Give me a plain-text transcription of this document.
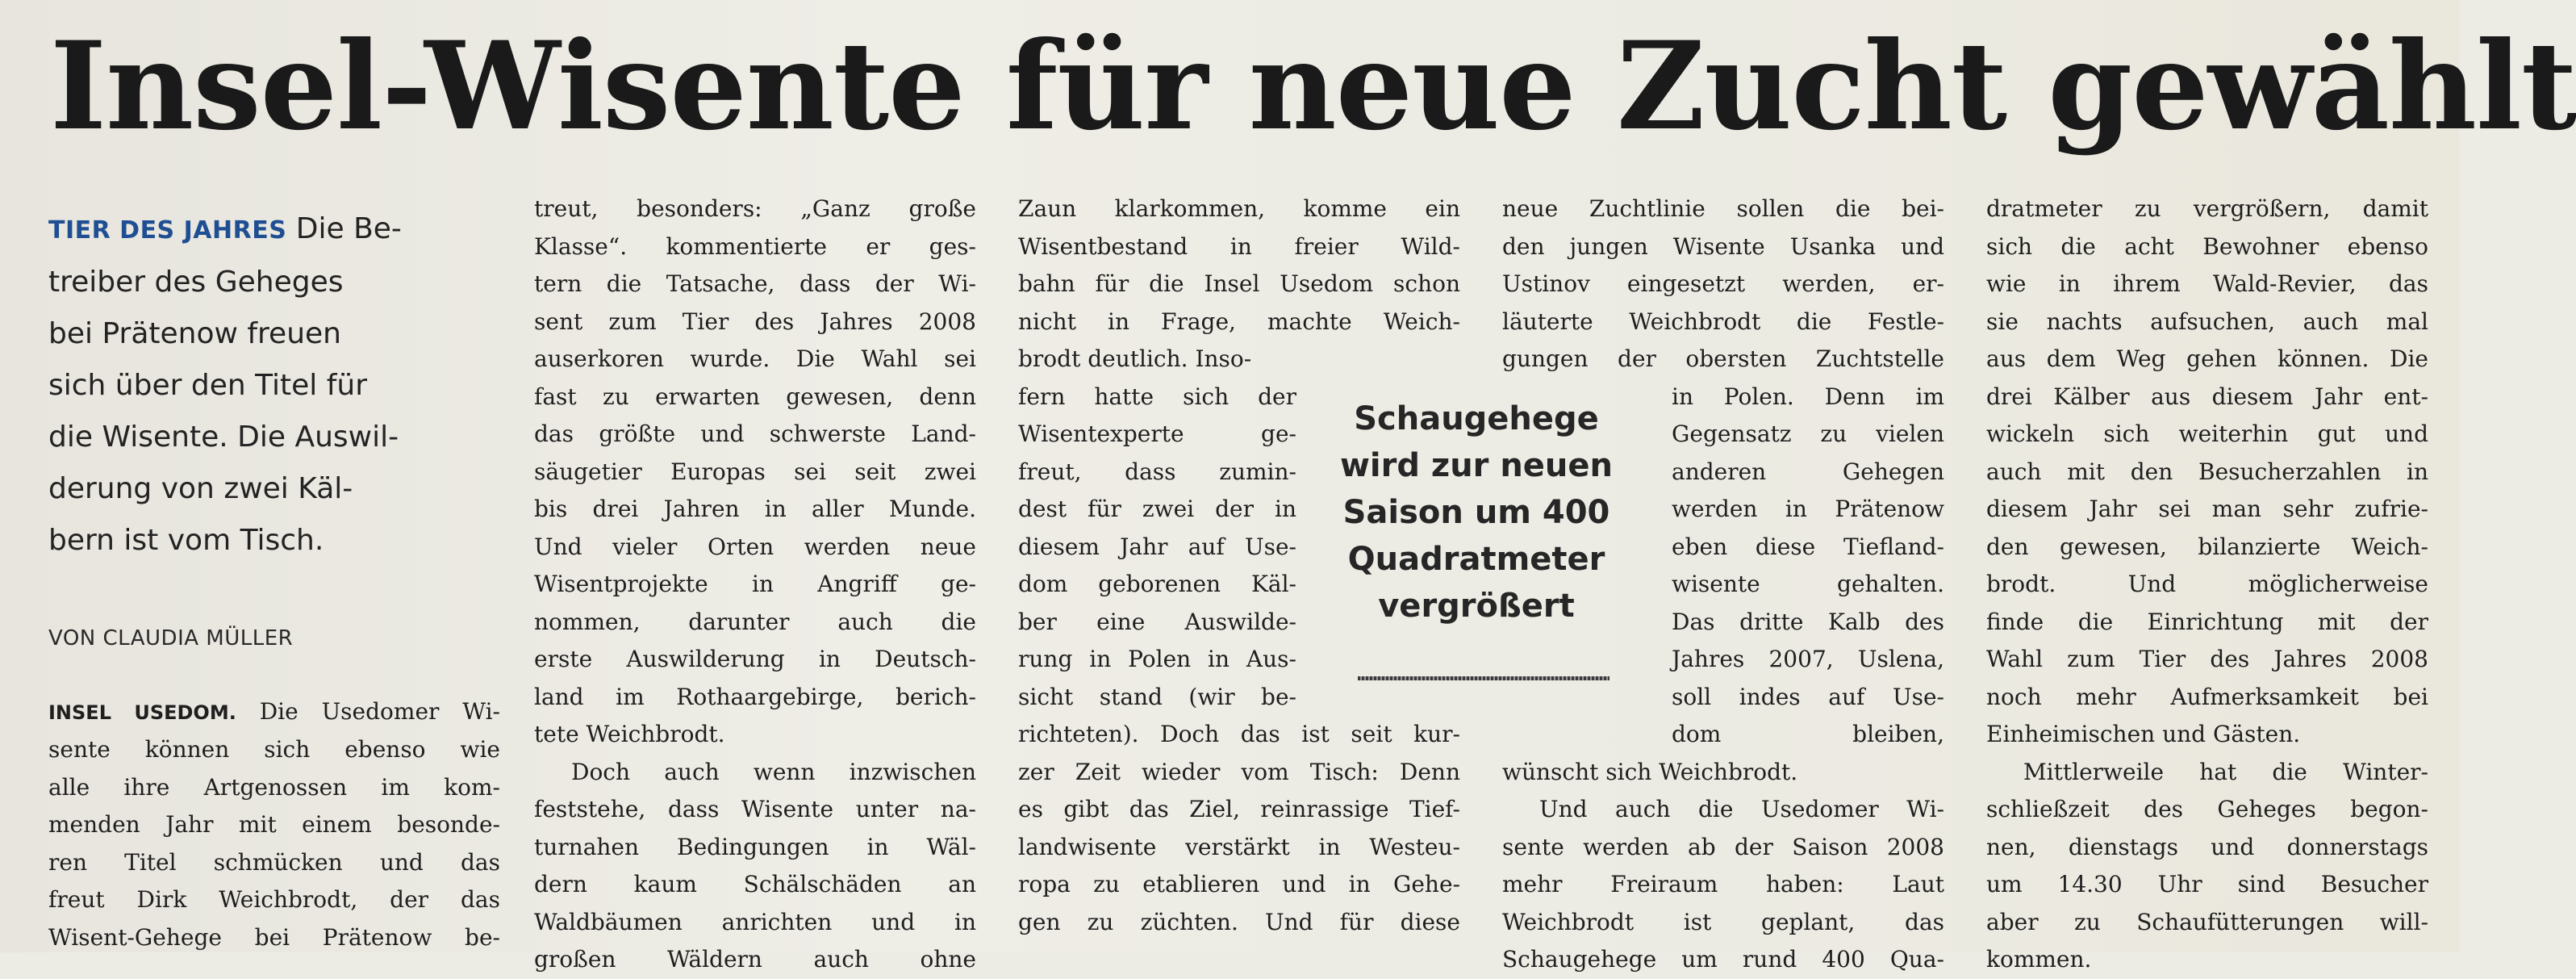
Insel-Wisente für neue Zucht gewählt
TIER DES JAHRES Die Be-
treiber des Geheges
bei Prätenow freuen
sich über den Titel für
die Wisente. Die Auswil-
derung von zwei Käl-
bern ist vom Tisch.
VON CLAUDIA MÜLLER
INSEL USEDOM. Die Usedomer Wi-
sente können sich ebenso wie
alle ihre Artgenossen im kom-
menden Jahr mit einem besonde-
ren Titel schmücken und das
freut Dirk Weichbrodt, der das
Wisent-Gehege bei Prätenow be-
treut, besonders: „Ganz große
Klasse“. kommentierte er ges-
tern die Tatsache, dass der Wi-
sent zum Tier des Jahres 2008
auserkoren wurde. Die Wahl sei
fast zu erwarten gewesen, denn
das größte und schwerste Land-
säugetier Europas sei seit zwei
bis drei Jahren in aller Munde.
Und vieler Orten werden neue
Wisentprojekte in Angriff ge-
nommen, darunter auch die
erste Auswilderung in Deutsch-
land im Rothaargebirge, berich-
tete Weichbrodt.
Doch auch wenn inzwischen
feststehe, dass Wisente unter na-
turnahen Bedingungen in Wäl-
dern kaum Schälschäden an
Waldbäumen anrichten und in
großen Wäldern auch ohne
Zaun klarkommen, komme ein
Wisentbestand in freier Wild-
bahn für die Insel Usedom schon
nicht in Frage, machte Weich-
brodt deutlich. Inso-
fern hatte sich der
Wisentexperte ge-
freut, dass zumin-
dest für zwei der in
diesem Jahr auf Use-
dom geborenen Käl-
ber eine Auswilde-
rung in Polen in Aus-
sicht stand (wir be-
richteten). Doch das ist seit kur-
zer Zeit wieder vom Tisch: Denn
es gibt das Ziel, reinrassige Tief-
landwisente verstärkt in Westeu-
ropa zu etablieren und in Gehe-
gen zu züchten. Und für diese
Schaugehege wird zur neuen Saison um 400 Quadratmeter vergrößert
neue Zuchtlinie sollen die bei-
den jungen Wisente Usanka und
Ustinov eingesetzt werden, er-
läuterte Weichbrodt die Festle-
gungen der obersten Zuchtstelle
in Polen. Denn im
Gegensatz zu vielen
anderen Gehegen
werden in Prätenow
eben diese Tiefland-
wisente gehalten.
Das dritte Kalb des
Jahres 2007, Uslena,
soll indes auf Use-
dom bleiben,
wünscht sich Weichbrodt.
Und auch die Usedomer Wi-
sente werden ab der Saison 2008
mehr Freiraum haben: Laut
Weichbrodt ist geplant, das
Schaugehege um rund 400 Qua-
dratmeter zu vergrößern, damit
sich die acht Bewohner ebenso
wie in ihrem Wald-Revier, das
sie nachts aufsuchen, auch mal
aus dem Weg gehen können. Die
drei Kälber aus diesem Jahr ent-
wickeln sich weiterhin gut und
auch mit den Besucherzahlen in
diesem Jahr sei man sehr zufrie-
den gewesen, bilanzierte Weich-
brodt. Und möglicherweise
finde die Einrichtung mit der
Wahl zum Tier des Jahres 2008
noch mehr Aufmerksamkeit bei
Einheimischen und Gästen.
Mittlerweile hat die Winter-
schließzeit des Geheges begon-
nen, dienstags und donnerstags
um 14.30 Uhr sind Besucher
aber zu Schaufütterungen will-
kommen.
